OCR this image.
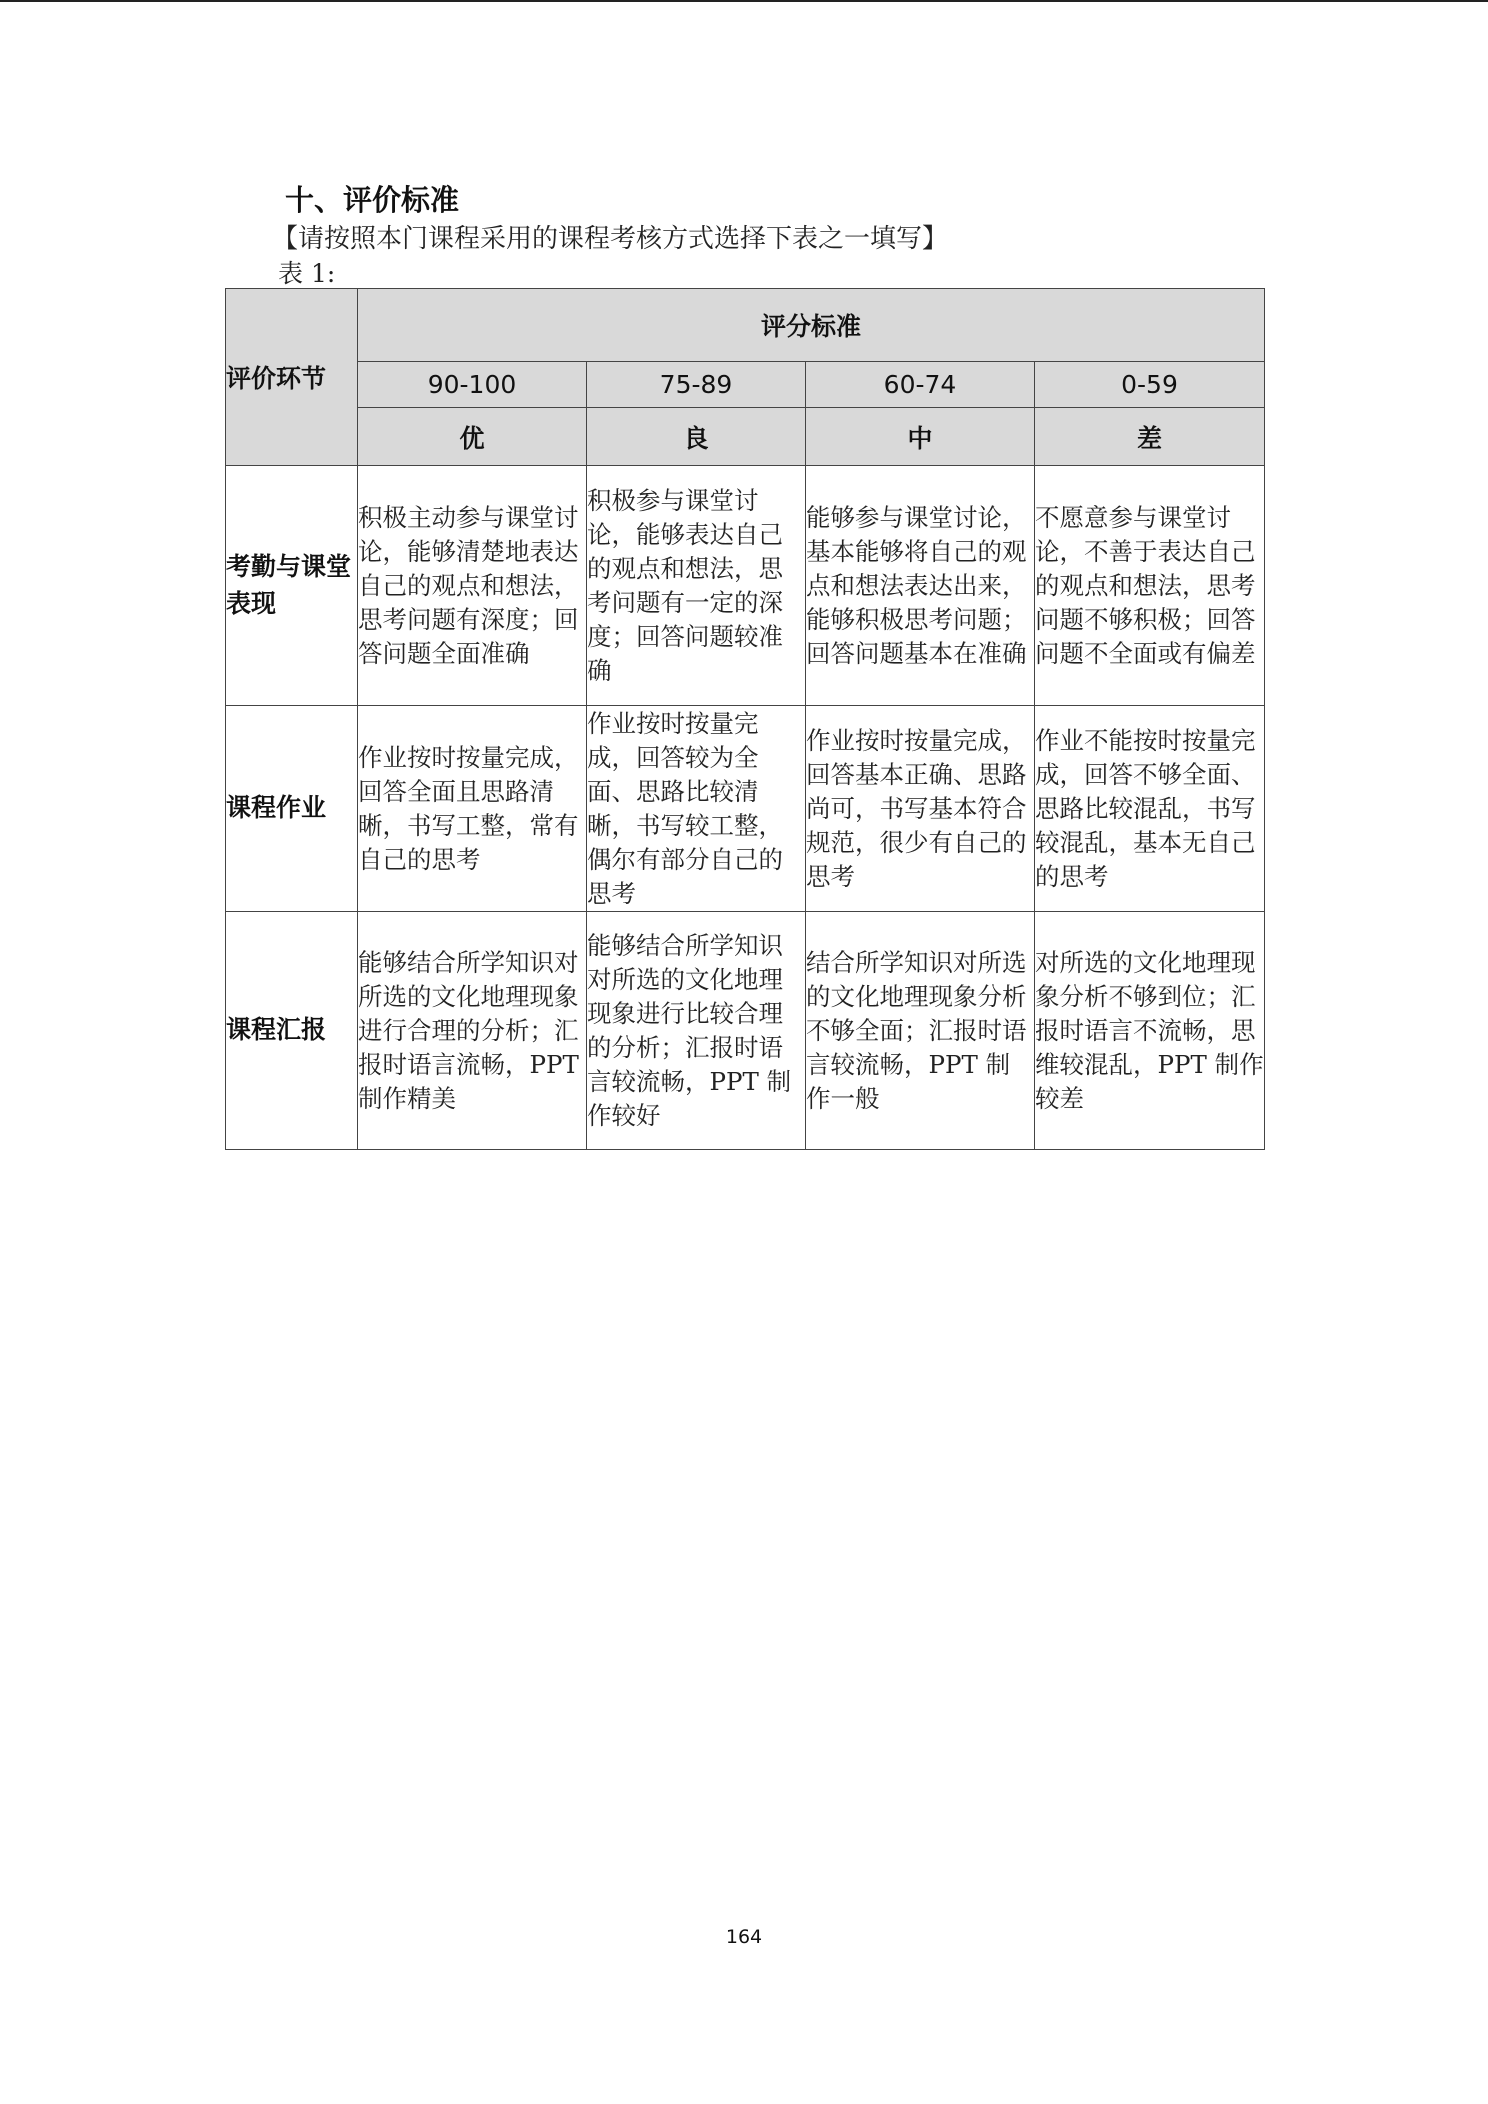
十、评价标准
【请按照本门课程采用的课程考核方式选择下表之一填写】
表 1:
评价环节	评分标准			
	90-100	75-89	60-74	0-59
	优	良	中	差
考勤与课堂表现	积极主动参与课堂讨论，能够清楚地表达自己的观点和想法，思考问题有深度；回答问题全面准确	积极参与课堂讨论，能够表达自己的观点和想法，思考问题有一定的深度；回答问题较准确	能够参与课堂讨论，基本能够将自己的观点和想法表达出来，能够积极思考问题；回答问题基本在准确	不愿意参与课堂讨论，不善于表达自己的观点和想法，思考问题不够积极；回答问题不全面或有偏差
课程作业	作业按时按量完成，回答全面且思路清晰，书写工整，常有自己的思考	作业按时按量完成，回答较为全面、思路比较清晰，书写较工整，偶尔有部分自己的思考	作业按时按量完成，回答基本正确、思路尚可，书写基本符合规范，很少有自己的思考	作业不能按时按量完成，回答不够全面、思路比较混乱，书写较混乱，基本无自己的思考
课程汇报	能够结合所学知识对所选的文化地理现象进行合理的分析；汇报时语言流畅，PPT 制作精美	能够结合所学知识对所选的文化地理现象进行比较合理的分析；汇报时语言较流畅，PPT 制作较好	结合所学知识对所选的文化地理现象分析不够全面；汇报时语言较流畅，PPT 制作一般	对所选的文化地理现象分析不够到位；汇报时语言不流畅，思维较混乱，PPT 制作较差
164
